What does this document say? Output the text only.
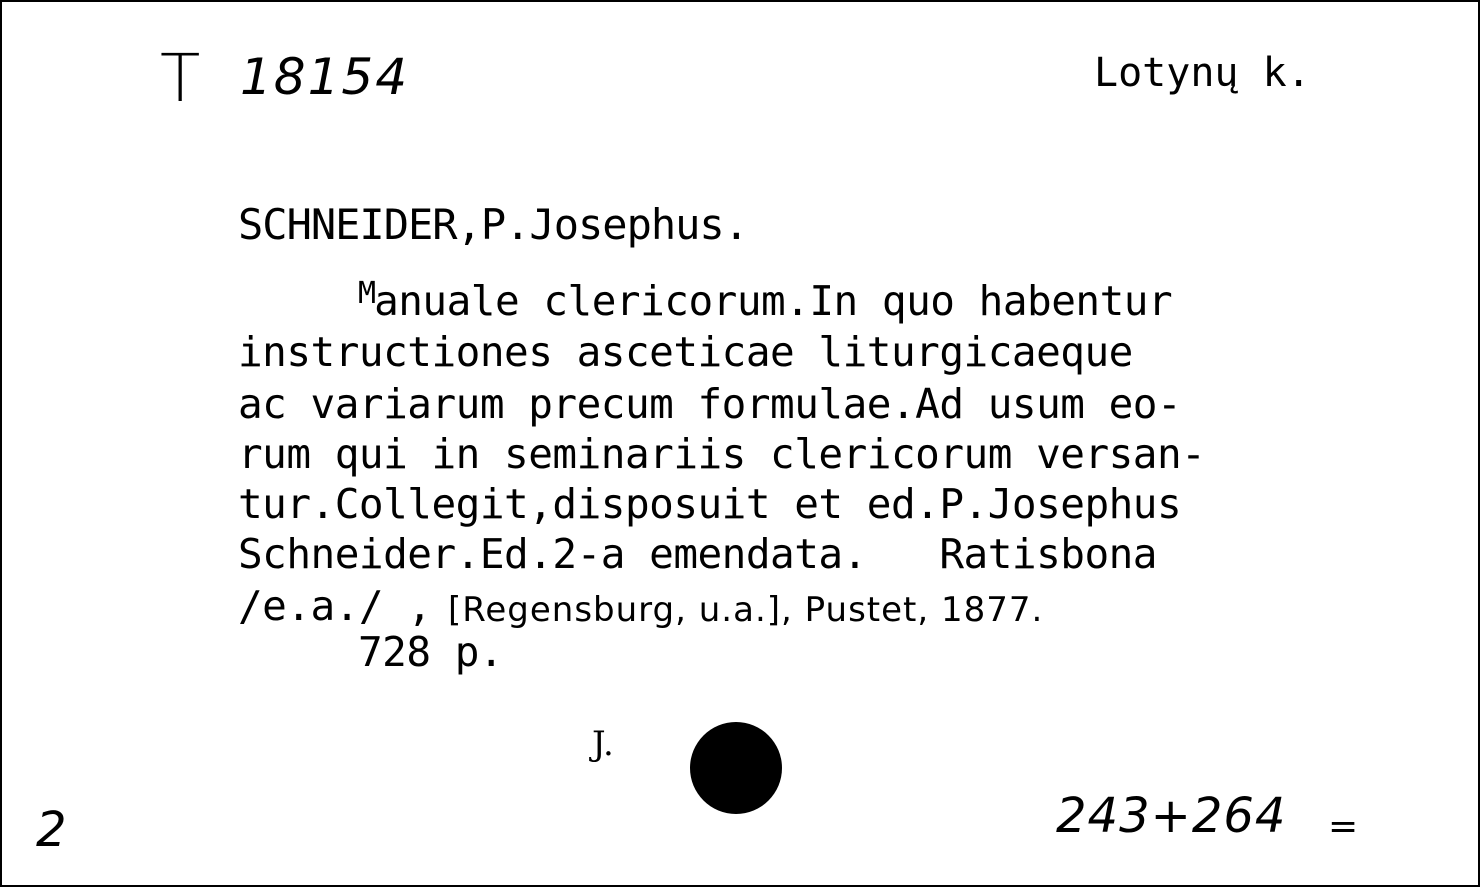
T 18154	Lotynų k.
SCHNEIDER,P.Josephus.
$^M$anuale clericorum.In quo habentur
instructiones asceticae liturgicaeque
ac variarum precum formulae.Ad usum eo-
rum qui in seminariis clericorum versan-
tur.Collegit,disposuit et ed.P.Josephus
Schneider.Ed.2-a emendata.   Ratisbona
/e.a./ , [Regensburg, u.a.], Pustet, 1877.
728 p.
J.
2	243+264 =
